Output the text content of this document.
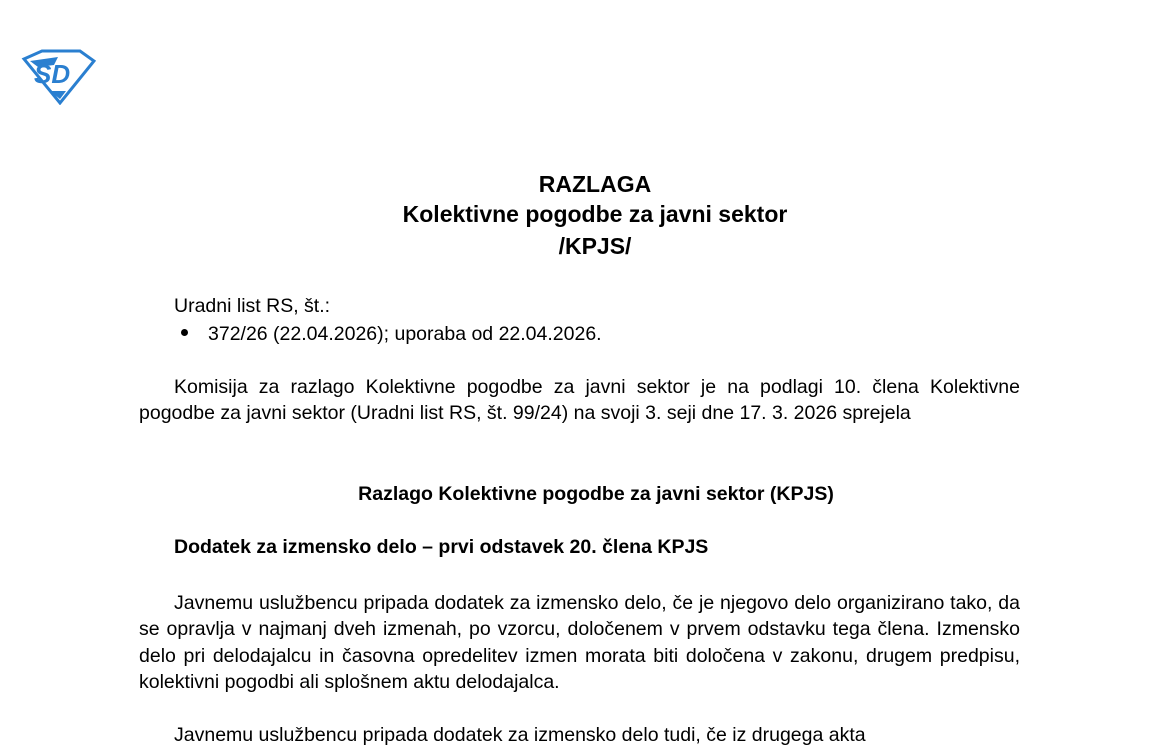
SD
RAZLAGA
Kolektivne pogodbe za javni sektor
/KPJS/
Uradni list RS, št.:
372/26 (22.04.2026); uporaba od 22.04.2026.
Komisija za razlago Kolektivne pogodbe za javni sektor je na podlagi 10. člena Kolektivne pogodbe za javni sektor (Uradni list RS, št. 99/24) na svoji 3. seji dne 17. 3. 2026 sprejela
Razlago Kolektivne pogodbe za javni sektor (KPJS)
Dodatek za izmensko delo – prvi odstavek 20. člena KPJS
Javnemu uslužbencu pripada dodatek za izmensko delo, če je njegovo delo organizirano tako, da se opravlja v najmanj dveh izmenah, po vzorcu, določenem v prvem odstavku tega člena. Izmensko delo pri delodajalcu in časovna opredelitev izmen morata biti določena v zakonu, drugem predpisu, kolektivni pogodbi ali splošnem aktu delodajalca.
Javnemu uslužbencu pripada dodatek za izmensko delo tudi, če iz drugega akta
